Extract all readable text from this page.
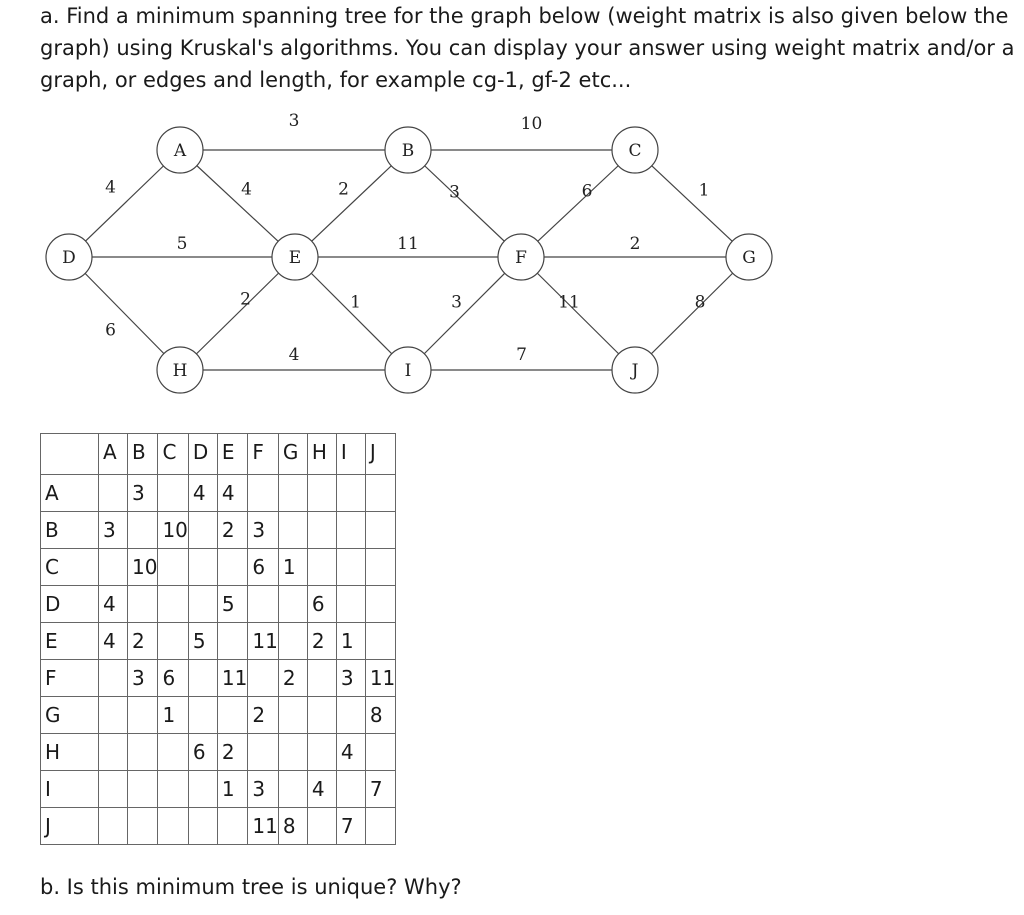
a. Find a minimum spanning tree for the graph below (weight matrix is also given below the graph) using Kruskal's algorithms. You can display your answer using weight matrix and/or a graph, or edges and length, for example cg-1, gf-2 etc...

3	10
4	4	2	3	6	1
5	11	2
6
2	1	3	11	8
4	7
A	B	C
D	E	F	G
H	I	J
	A	B	C	D	E	F	G	H	I	J
A		3		4	4					
B	3		10		2	3				
C		10				6	1			
D	4				5			6		
E	4	2		5		11		2	1	
F		3	6		11		2		3	11
G			1			2				8
H				6	2				4	
I					1	3		4		7
J						11	8		7	

b. Is this minimum tree is unique? Why?
